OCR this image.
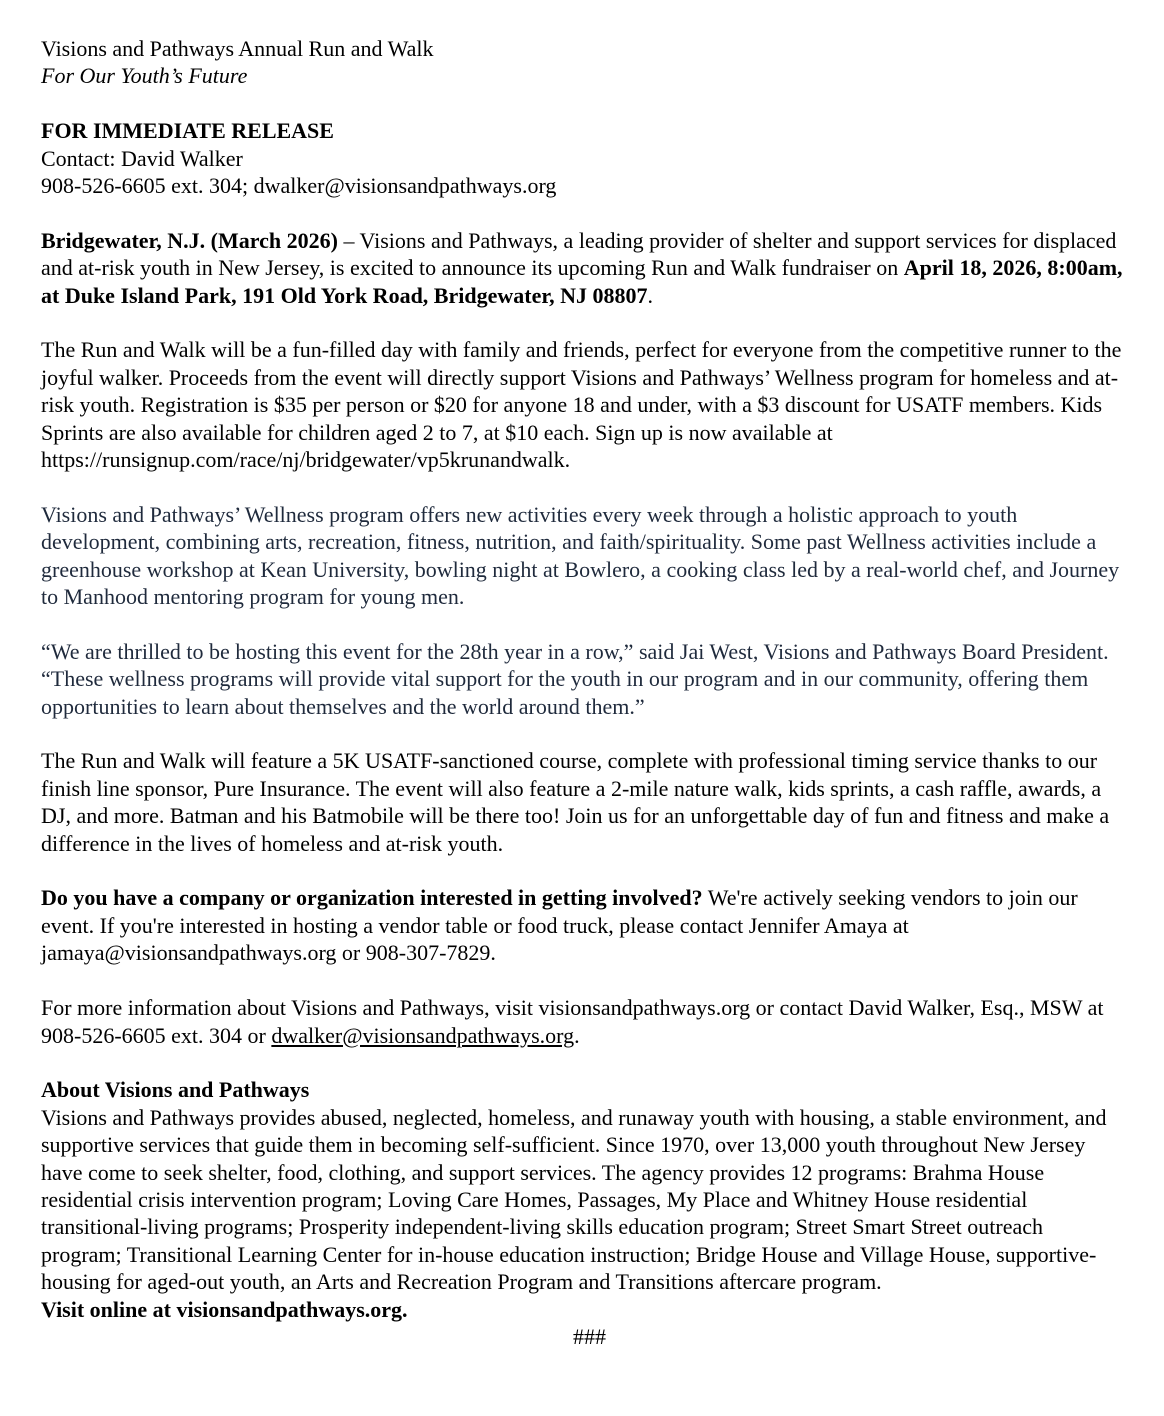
Visions and Pathways Annual Run and Walk
For Our Youth’s Future
FOR IMMEDIATE RELEASE
Contact: David Walker
908-526-6605 ext. 304; dwalker@visionsandpathways.org

Bridgewater, N.J. (March 2026) – Visions and Pathways, a leading provider of shelter and support services for displaced and at-risk youth in New Jersey, is excited to announce its upcoming Run and Walk fundraiser on April 18, 2026, 8:00am, at Duke Island Park, 191 Old York Road, Bridgewater, NJ 08807.

The Run and Walk will be a fun-filled day with family and friends, perfect for everyone from the competitive runner to the joyful walker. Proceeds from the event will directly support Visions and Pathways’ Wellness program for homeless and at-risk youth. Registration is $35 per person or $20 for anyone 18 and under, with a $3 discount for USATF members. Kids Sprints are also available for children aged 2 to 7, at $10 each. Sign up is now available at https://runsignup.com/race/nj/bridgewater/vp5krunandwalk.

Visions and Pathways’ Wellness program offers new activities every week through a holistic approach to youth development, combining arts, recreation, fitness, nutrition, and faith/spirituality. Some past Wellness activities include a greenhouse workshop at Kean University, bowling night at Bowlero, a cooking class led by a real-world chef, and Journey to Manhood mentoring program for young men.

“We are thrilled to be hosting this event for the 28th year in a row,” said Jai West, Visions and Pathways Board President. “These wellness programs will provide vital support for the youth in our program and in our community, offering them opportunities to learn about themselves and the world around them.”

The Run and Walk will feature a 5K USATF-sanctioned course, complete with professional timing service thanks to our finish line sponsor, Pure Insurance. The event will also feature a 2-mile nature walk, kids sprints, a cash raffle, awards, a DJ, and more. Batman and his Batmobile will be there too! Join us for an unforgettable day of fun and fitness and make a difference in the lives of homeless and at-risk youth.

Do you have a company or organization interested in getting involved? We're actively seeking vendors to join our event. If you're interested in hosting a vendor table or food truck, please contact Jennifer Amaya at jamaya@visionsandpathways.org or 908-307-7829.

For more information about Visions and Pathways, visit visionsandpathways.org or contact David Walker, Esq., MSW at 908-526-6605 ext. 304 or dwalker@visionsandpathways.org.

About Visions and Pathways
Visions and Pathways provides abused, neglected, homeless, and runaway youth with housing, a stable environment, and supportive services that guide them in becoming self-sufficient. Since 1970, over 13,000 youth throughout New Jersey have come to seek shelter, food, clothing, and support services. The agency provides 12 programs: Brahma House residential crisis intervention program; Loving Care Homes, Passages, My Place and Whitney House residential transitional-living programs; Prosperity independent-living skills education program; Street Smart Street outreach program; Transitional Learning Center for in-house education instruction; Bridge House and Village House, supportive-housing for aged-out youth, an Arts and Recreation Program and Transitions aftercare program.
Visit online at visionsandpathways.org.
###
